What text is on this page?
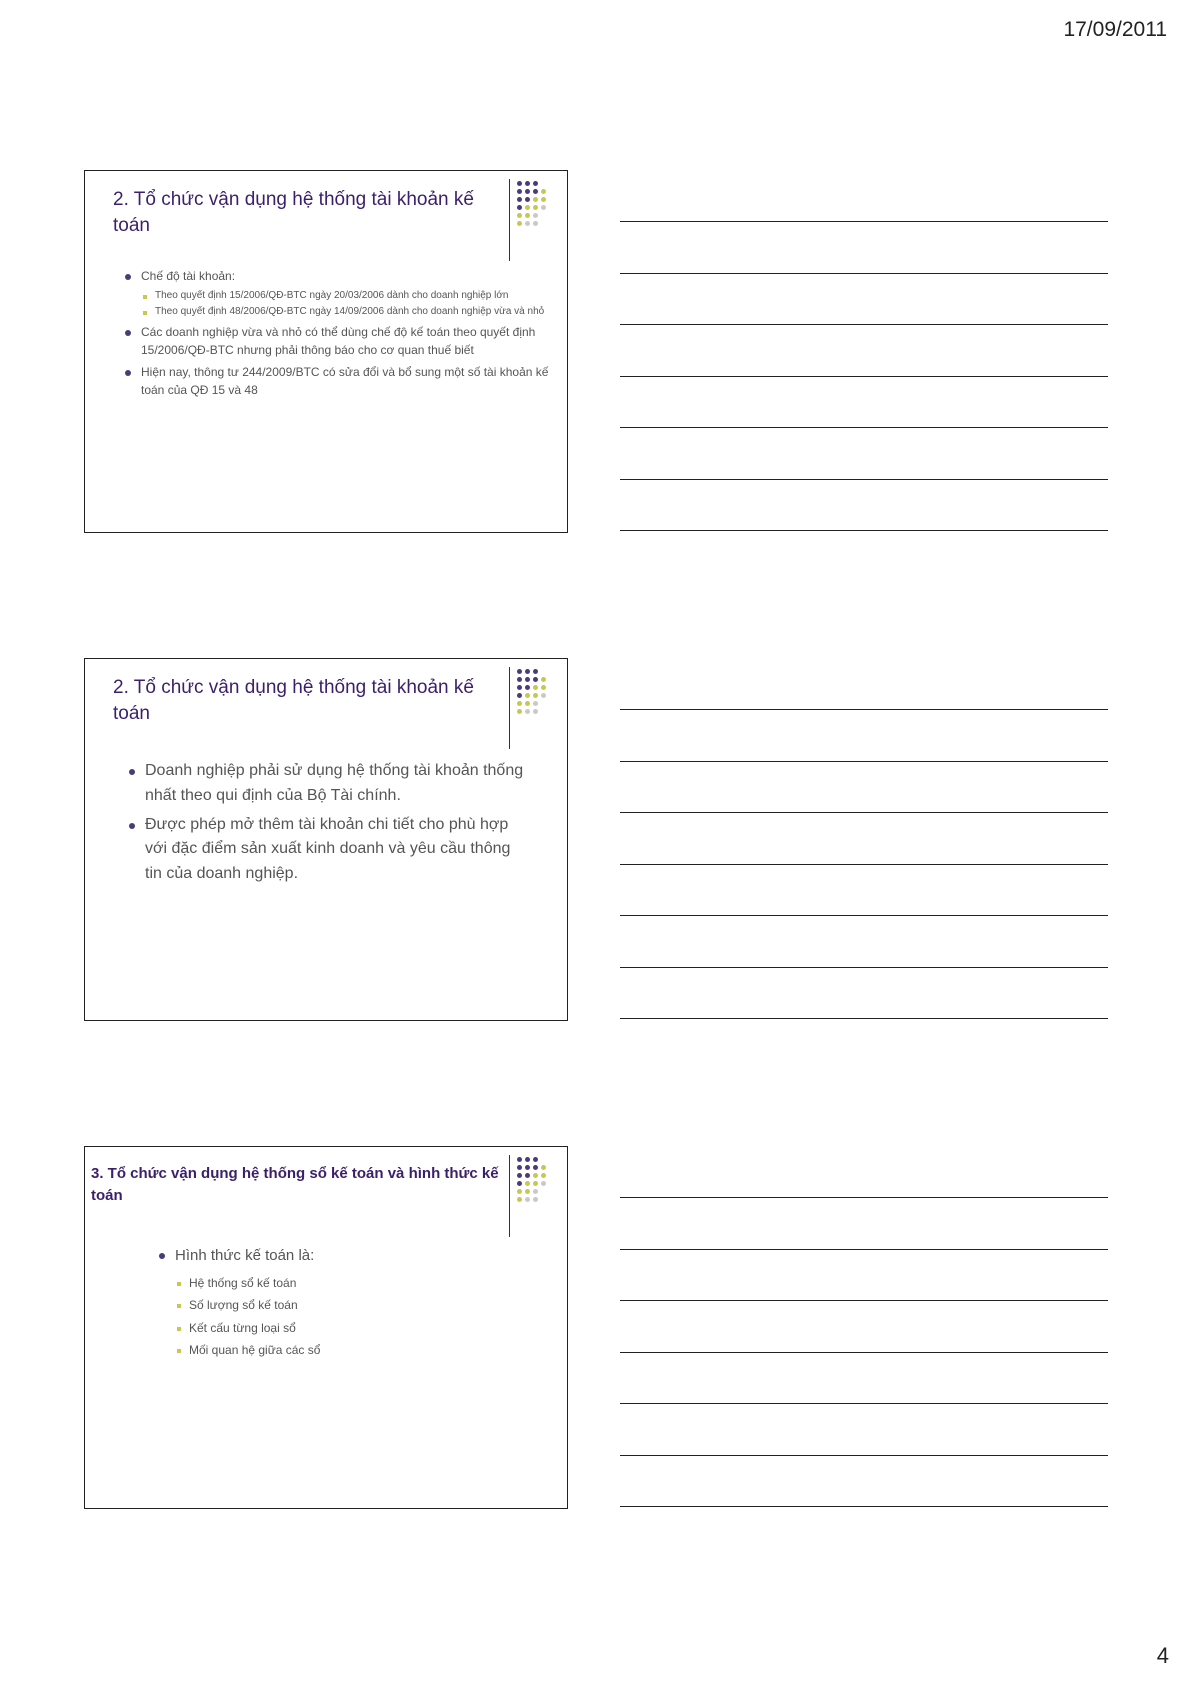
17/09/2011
2. Tổ chức vận dụng hệ thống tài khoản kế toán
Chế độ tài khoản:
Theo quyết định 15/2006/QĐ-BTC ngày 20/03/2006 dành cho doanh nghiệp lớn
Theo quyết định 48/2006/QĐ-BTC ngày 14/09/2006 dành cho doanh nghiệp vừa và nhỏ
Các doanh nghiệp vừa và nhỏ có thể dùng chế độ kế toán theo quyết định 15/2006/QĐ-BTC nhưng phải thông báo cho cơ quan thuế biết
Hiện nay, thông tư 244/2009/BTC có sửa đổi và bổ sung một số tài khoản kế toán của QĐ 15 và 48
2. Tổ chức vận dụng hệ thống tài khoản kế toán
Doanh nghiệp phải sử dụng hệ thống tài khoản thống nhất theo qui định của Bộ Tài chính.
Được phép mở thêm tài khoản chi tiết cho phù hợp với đặc điểm sản xuất kinh doanh và yêu cầu thông tin của doanh nghiệp.
3. Tổ chức vận dụng hệ thống sổ kế toán và hình thức kế toán
Hình thức kế toán là:
Hệ thống sổ kế toán
Số lượng sổ kế toán
Kết cấu từng loại sổ
Mối quan hệ giữa các sổ
4
